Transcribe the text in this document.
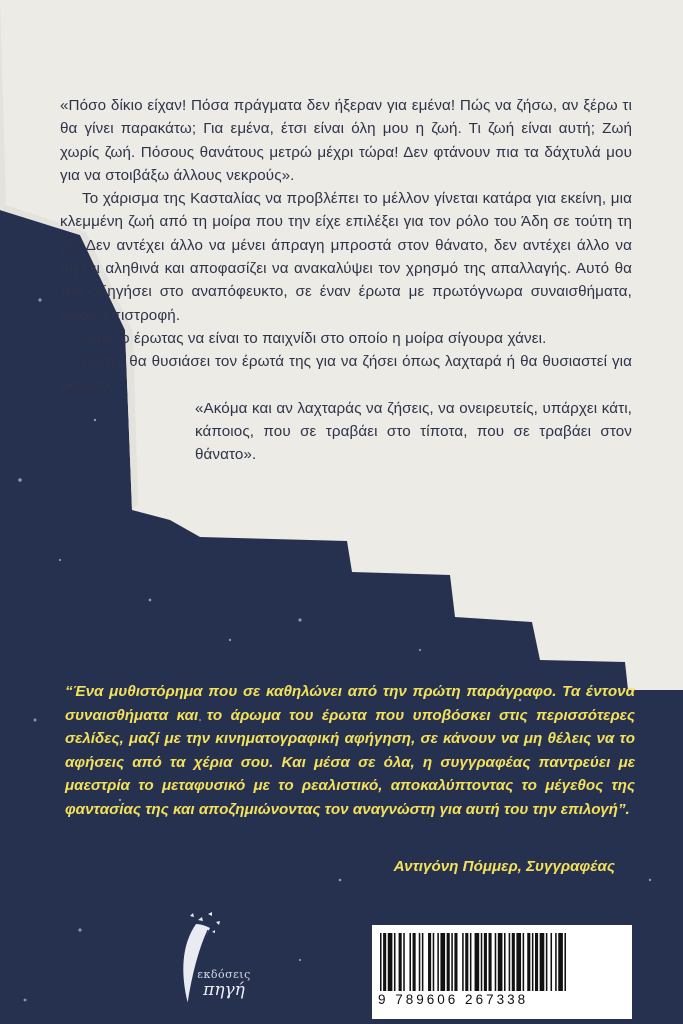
«Πόσο δίκιο είχαν! Πόσα πράγματα δεν ήξεραν για εμένα! Πώς να ζήσω, αν ξέρω τι θα γίνει παρακάτω; Για εμένα, έτσι είναι όλη μου η ζωή. Τι ζωή είναι αυτή; Ζωή χωρίς ζωή. Πόσους θανάτους μετρώ μέχρι τώρα! Δεν φτάνουν πια τα δάχτυλά μου για να στοιβάξω άλλους νεκρούς».

Το χάρισμα της Κασταλίας να προβλέπει το μέλλον γίνεται κατάρα για εκείνη, μια κλεμμένη ζωή από τη μοίρα που την είχε επιλέξει για τον ρόλο του Άδη σε τούτη τη γη. Δεν αντέχει άλλο να μένει άπραγη μπροστά στον θάνατο, δεν αντέχει άλλο να μη ζει αληθινά και αποφασίζει να ανακαλύψει τον χρησμό της απαλλαγής. Αυτό θα την οδηγήσει στο αναπόφευκτο, σε έναν έρωτα με πρωτόγνωρα συναισθήματα, χωρίς επιστροφή.

Ίσως ο έρωτας να είναι το παιχνίδι στο οποίο η μοίρα σίγουρα χάνει.

Άραγε θα θυσιάσει τον έρωτά της για να ζήσει όπως λαχταρά ή θα θυσιαστεί για εκείνον;

«Ακόμα και αν λαχταράς να ζήσεις, να ονειρευτείς, υπάρχει κάτι, κάποιος, που σε τραβάει στο τίποτα, που σε τραβάει στον θάνατο».

“Ένα μυθιστόρημα που σε καθηλώνει από την πρώτη παράγραφο. Τα έντονα συναισθήματα και το άρωμα του έρωτα που υποβόσκει στις περισσότερες σελίδες, μαζί με την κινηματογραφική αφήγηση, σε κάνουν να μη θέλεις να το αφήσεις από τα χέρια σου. Και μέσα σε όλα, η συγγραφέας παντρεύει με μαεστρία το μεταφυσικό με το ρεαλιστικό, αποκαλύπτοντας το μέγεθος της φαντασίας της και αποζημιώνοντας τον αναγνώστη για αυτή του την επιλογή”.
Αντιγόνη Πόμμερ, Συγγραφέας
εκδόσεις
πηγή	9 789606 267338
